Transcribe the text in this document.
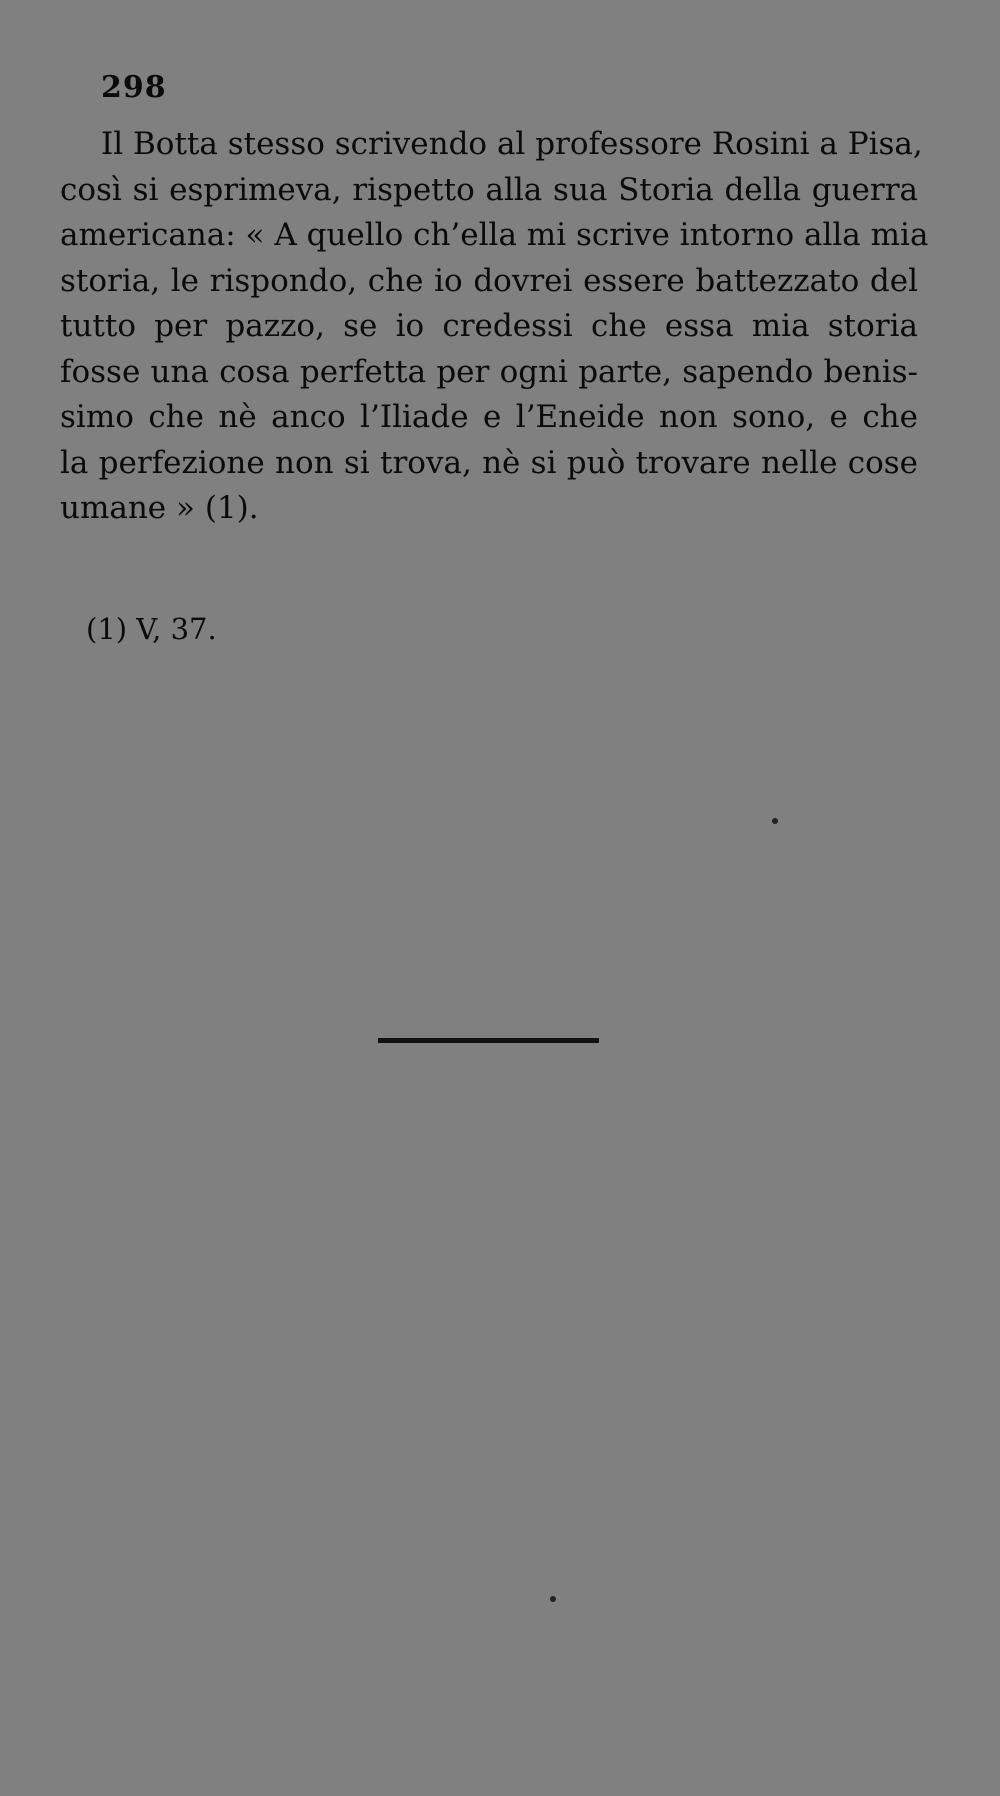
298

Il Botta stesso scrivendo al professore Rosini a Pisa,
così si esprimeva, rispetto alla sua Storia della guerra
americana: « A quello ch’ella mi scrive intorno alla mia
storia, le rispondo, che io dovrei essere battezzato del
tutto per pazzo, se io credessi che essa mia storia
fosse una cosa perfetta per ogni parte, sapendo benis-
simo che nè anco l’Iliade e l’Eneide non sono, e che
la perfezione non si trova, nè si può trovare nelle cose
umane » (1).

(1) V, 37.
